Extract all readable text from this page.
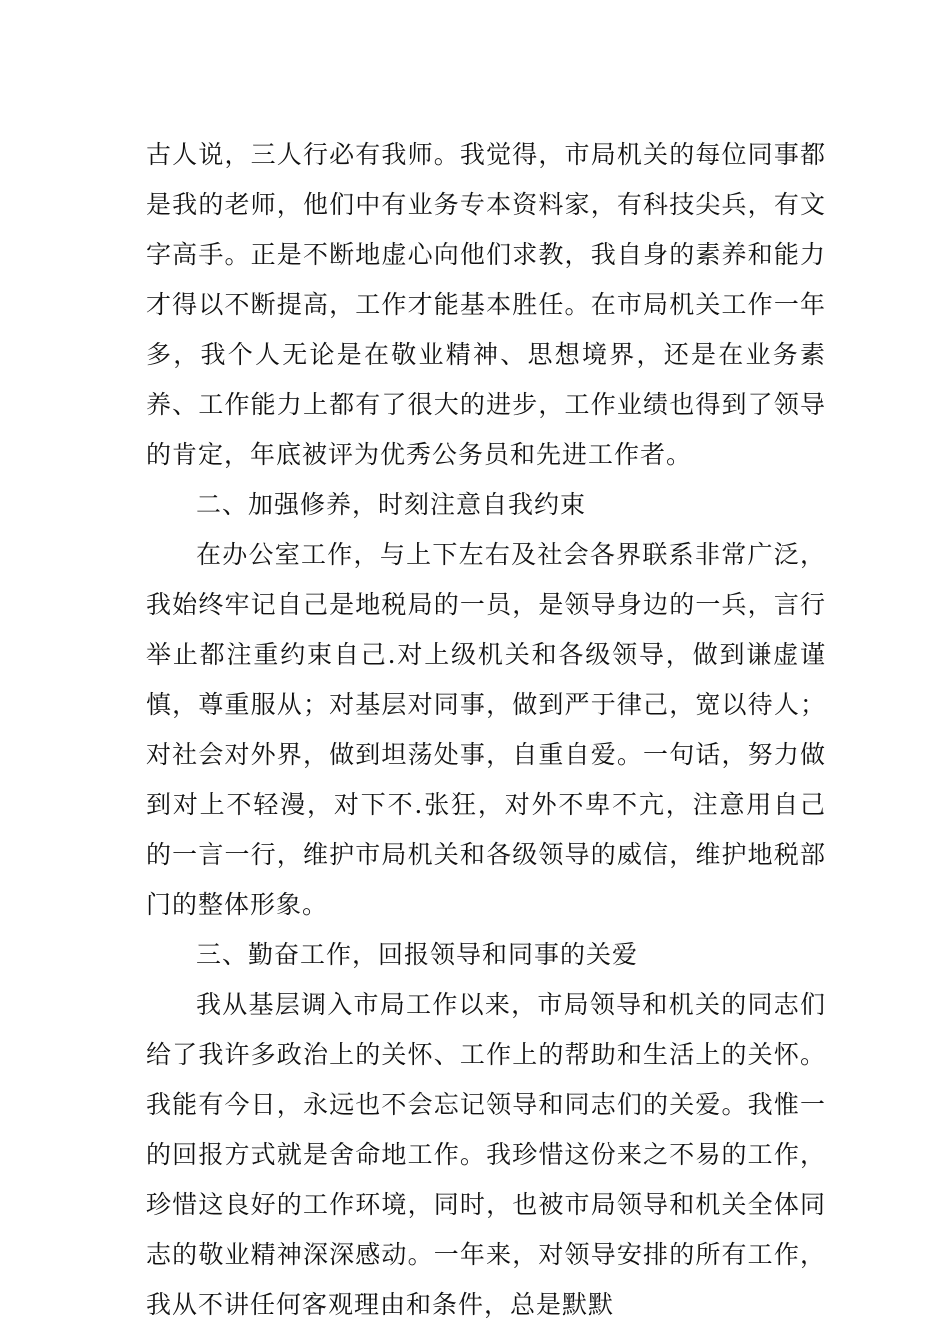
古人说，三人行必有我师。我觉得，市局机关的每位同事都是我的老师，他们中有业务专本资料家，有科技尖兵，有文字高手。正是不断地虚心向他们求教，我自身的素养和能力才得以不断提高，工作才能基本胜任。在市局机关工作一年多，我个人无论是在敬业精神、思想境界，还是在业务素养、工作能力上都有了很大的进步，工作业绩也得到了领导的肯定，年底被评为优秀公务员和先进工作者。

二、加强修养，时刻注意自我约束

在办公室工作，与上下左右及社会各界联系非常广泛，我始终牢记自己是地税局的一员，是领导身边的一兵，言行举止都注重约束自己.对上级机关和各级领导，做到谦虚谨慎，尊重服从；对基层对同事，做到严于律己，宽以待人；对社会对外界，做到坦荡处事，自重自爱。一句话，努力做到对上不轻漫，对下不.张狂，对外不卑不亢，注意用自己的一言一行，维护市局机关和各级领导的威信，维护地税部门的整体形象。

三、勤奋工作，回报领导和同事的关爱

我从基层调入市局工作以来，市局领导和机关的同志们给了我许多政治上的关怀、工作上的帮助和生活上的关怀。我能有今日，永远也不会忘记领导和同志们的关爱。我惟一的回报方式就是舍命地工作。我珍惜这份来之不易的工作，珍惜这良好的工作环境，同时，也被市局领导和机关全体同志的敬业精神深深感动。一年来，对领导安排的所有工作，我从不讲任何客观理由和条件，总是默默
